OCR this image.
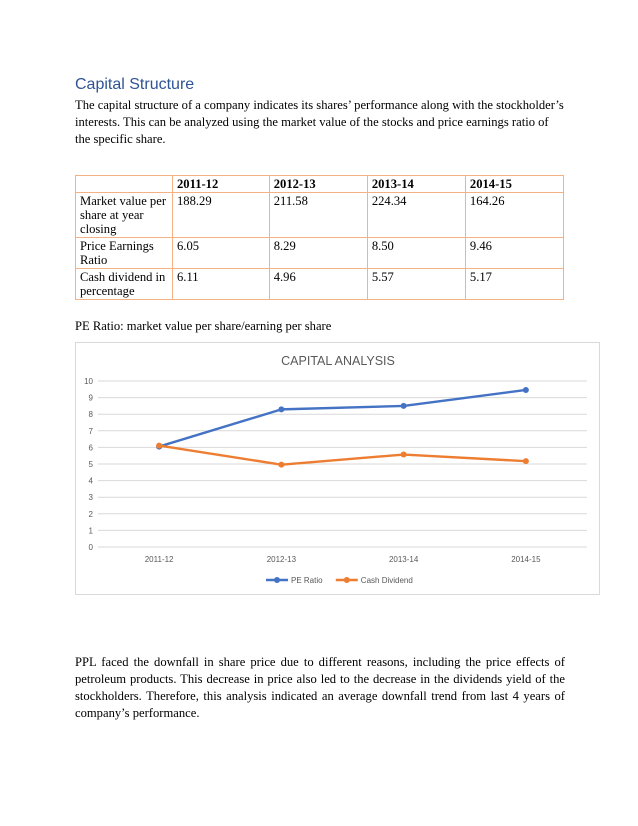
Capital Structure
The capital structure of a company indicates its shares’ performance along with the stockholder’s interests. This can be analyzed using the market value of the stocks and price earnings ratio of the specific share.
	2011-12	2012-13	2013-14	2014-15
Market value per share at year closing	188.29	211.58	224.34	164.26
Price Earnings Ratio	6.05	8.29	8.50	9.46
Cash dividend in percentage	6.11	4.96	5.57	5.17
PE Ratio: market value per share/earning per share
CAPITAL ANALYSIS
0
1
2
3
4
5
6
7
8
9
10
2011-12	2012-13	2013-14	2014-15
PE Ratio	Cash Dividend
PPL faced the downfall in share price due to different reasons, including the price effects of petroleum products. This decrease in price also led to the decrease in the dividends yield of the stockholders. Therefore, this analysis indicated an average downfall trend from last 4 years of company’s performance.
